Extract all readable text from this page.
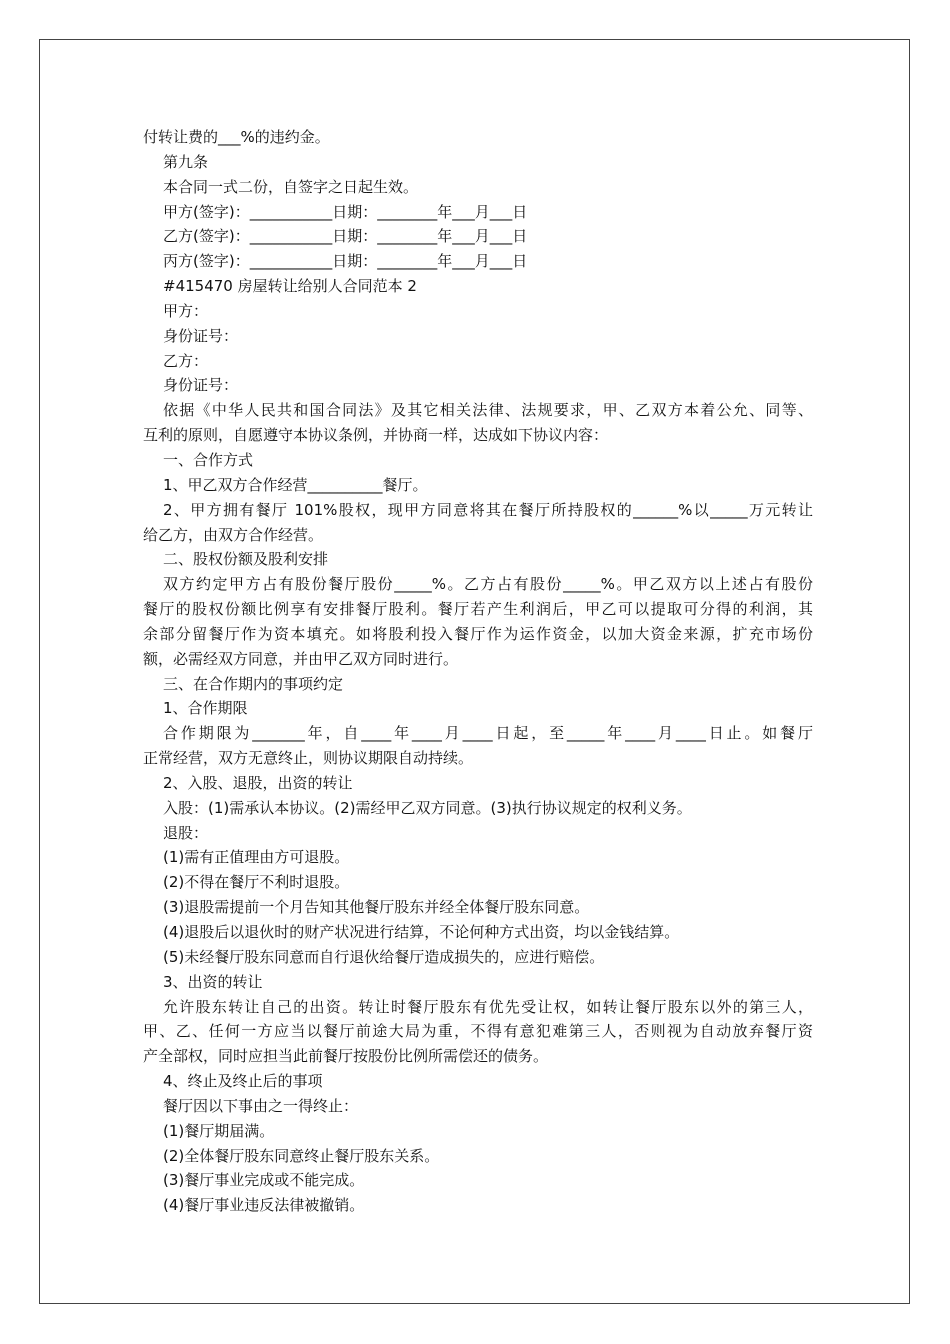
付转让费的___%的违约金。
第九条
本合同一式二份，自签字之日起生效。
甲方(签字)：___________日期：________年___月___日
乙方(签字)：___________日期：________年___月___日
丙方(签字)：___________日期：________年___月___日
#415470 房屋转让给别人合同范本 2
甲方：
身份证号：
乙方：
身份证号：
依据《中华人民共和国合同法》及其它相关法律、法规要求，甲、乙双方本着公允、同等、
互利的原则，自愿遵守本协议条例，并协商一样，达成如下协议内容：
一、合作方式
1、甲乙双方合作经营__________餐厅。
2、甲方拥有餐厅 101%股权，现甲方同意将其在餐厅所持股权的______%以_____万元转让
给乙方，由双方合作经营。
二、股权份额及股利安排
双方约定甲方占有股份餐厅股份_____%。乙方占有股份_____%。甲乙双方以上述占有股份
餐厅的股权份额比例享有安排餐厅股利。餐厅若产生利润后，甲乙可以提取可分得的利润，其
余部分留餐厅作为资本填充。如将股利投入餐厅作为运作资金，以加大资金来源，扩充市场份
额，必需经双方同意，并由甲乙双方同时进行。
三、在合作期内的事项约定
1、合作期限
合作期限为_______年，自____年____月____日起，至_____年____月____日止。如餐厅
正常经营，双方无意终止，则协议期限自动持续。
2、入股、退股，出资的转让
入股：(1)需承认本协议。(2)需经甲乙双方同意。(3)执行协议规定的权利义务。
退股：
(1)需有正值理由方可退股。
(2)不得在餐厅不利时退股。
(3)退股需提前一个月告知其他餐厅股东并经全体餐厅股东同意。
(4)退股后以退伙时的财产状况进行结算，不论何种方式出资，均以金钱结算。
(5)未经餐厅股东同意而自行退伙给餐厅造成损失的，应进行赔偿。
3、出资的转让
允许股东转让自己的出资。转让时餐厅股东有优先受让权，如转让餐厅股东以外的第三人，
甲、乙、任何一方应当以餐厅前途大局为重，不得有意犯难第三人，否则视为自动放弃餐厅资
产全部权，同时应担当此前餐厅按股份比例所需偿还的债务。
4、终止及终止后的事项
餐厅因以下事由之一得终止：
(1)餐厅期届满。
(2)全体餐厅股东同意终止餐厅股东关系。
(3)餐厅事业完成或不能完成。
(4)餐厅事业违反法律被撤销。
